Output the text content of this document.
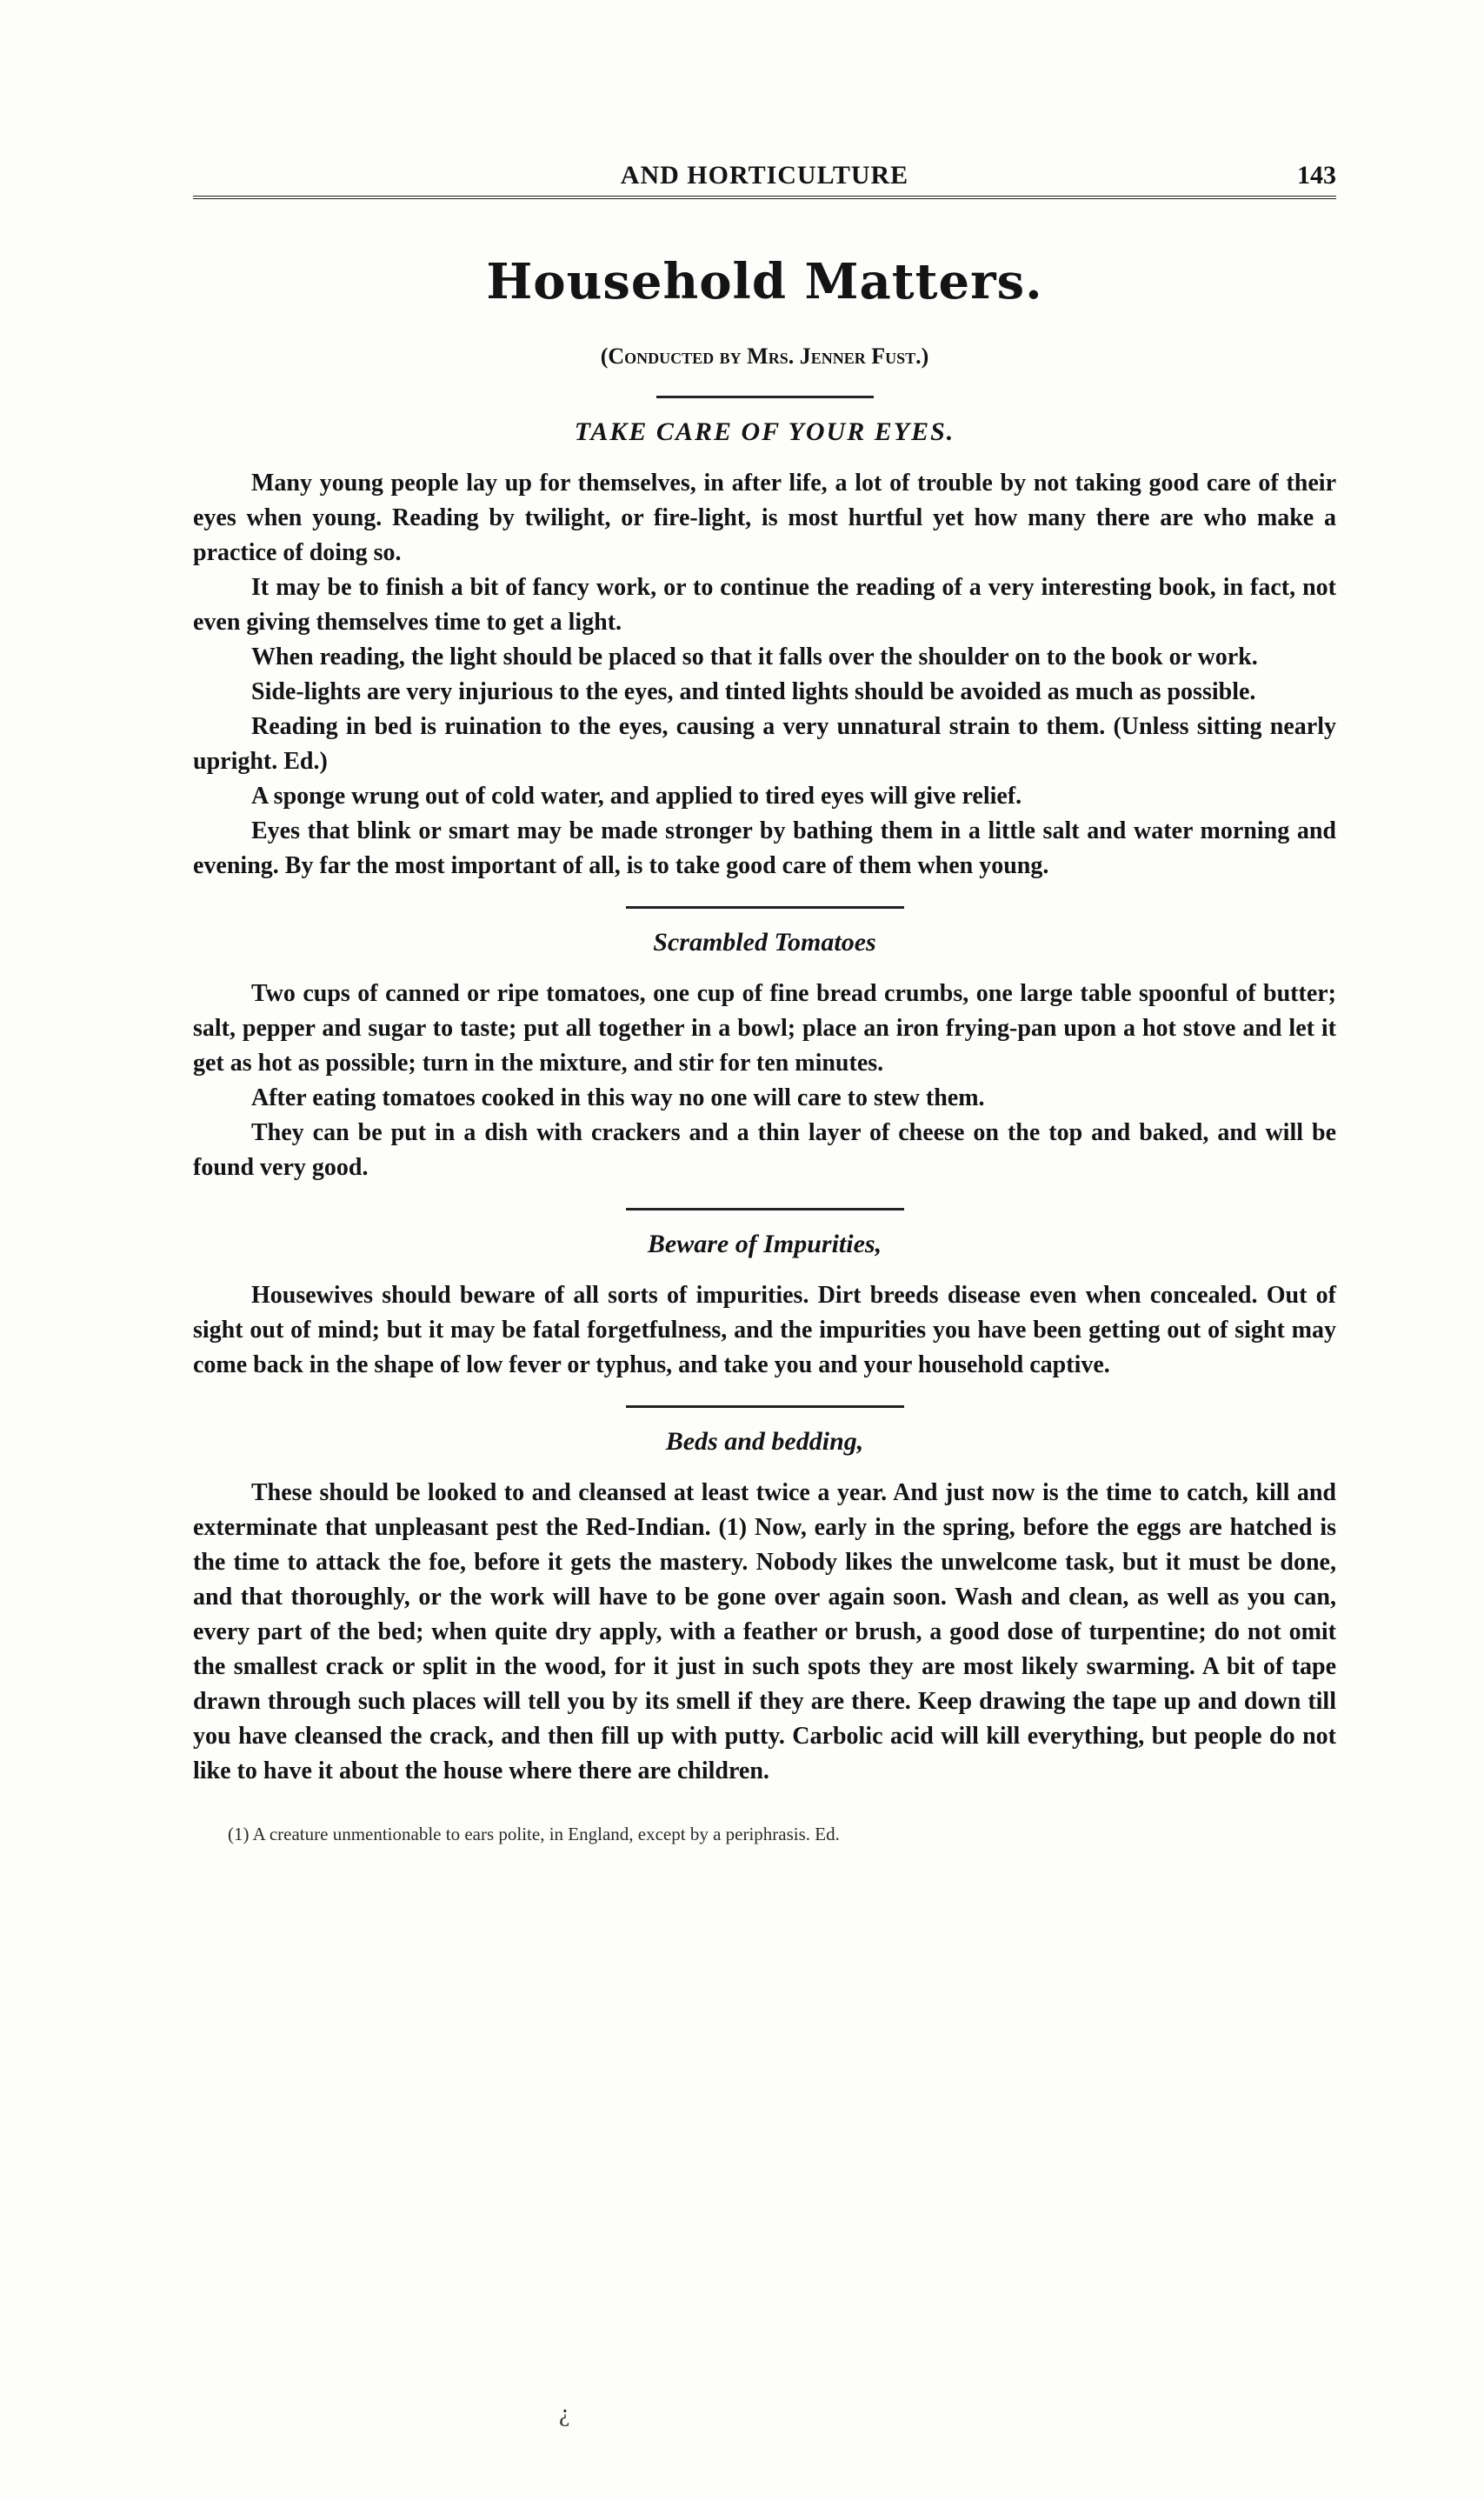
AND HORTICULTURE	143
Household Matters.
(Conducted by Mrs. Jenner Fust.)
TAKE CARE OF YOUR EYES.

Many young people lay up for themselves, in after life, a lot of trouble by not taking good care of their eyes when young. Reading by twilight, or fire-light, is most hurtful yet how many there are who make a practice of doing so.

It may be to finish a bit of fancy work, or to continue the reading of a very interesting book, in fact, not even giving themselves time to get a light.

When reading, the light should be placed so that it falls over the shoulder on to the book or work.

Side-lights are very injurious to the eyes, and tinted lights should be avoided as much as possible.

Reading in bed is ruination to the eyes, causing a very unnatural strain to them. (Unless sitting nearly upright. Ed.)

A sponge wrung out of cold water, and applied to tired eyes will give relief.

Eyes that blink or smart may be made stronger by bathing them in a little salt and water morning and evening. By far the most important of all, is to take good care of them when young.

Scrambled Tomatoes

Two cups of canned or ripe tomatoes, one cup of fine bread crumbs, one large table spoonful of butter; salt, pepper and sugar to taste; put all together in a bowl; place an iron frying-pan upon a hot stove and let it get as hot as possible; turn in the mixture, and stir for ten minutes.

After eating tomatoes cooked in this way no one will care to stew them.

They can be put in a dish with crackers and a thin layer of cheese on the top and baked, and will be found very good.

Beware of Impurities,

Housewives should beware of all sorts of impurities. Dirt breeds disease even when concealed. Out of sight out of mind; but it may be fatal forgetfulness, and the impurities you have been getting out of sight may come back in the shape of low fever or typhus, and take you and your household captive.

Beds and bedding,

These should be looked to and cleansed at least twice a year. And just now is the time to catch, kill and exterminate that unpleasant pest the Red-Indian. (1) Now, early in the spring, before the eggs are hatched is the time to attack the foe, before it gets the mastery. Nobody likes the unwelcome task, but it must be done, and that thoroughly, or the work will have to be gone over again soon. Wash and clean, as well as you can, every part of the bed; when quite dry apply, with a feather or brush, a good dose of turpentine; do not omit the smallest crack or split in the wood, for it just in such spots they are most likely swarming. A bit of tape drawn through such places will tell you by its smell if they are there. Keep drawing the tape up and down till you have cleansed the crack, and then fill up with putty. Carbolic acid will kill everything, but people do not like to have it about the house where there are children.

(1) A creature unmentionable to ears polite, in England, except by a periphrasis. Ed.
¿
